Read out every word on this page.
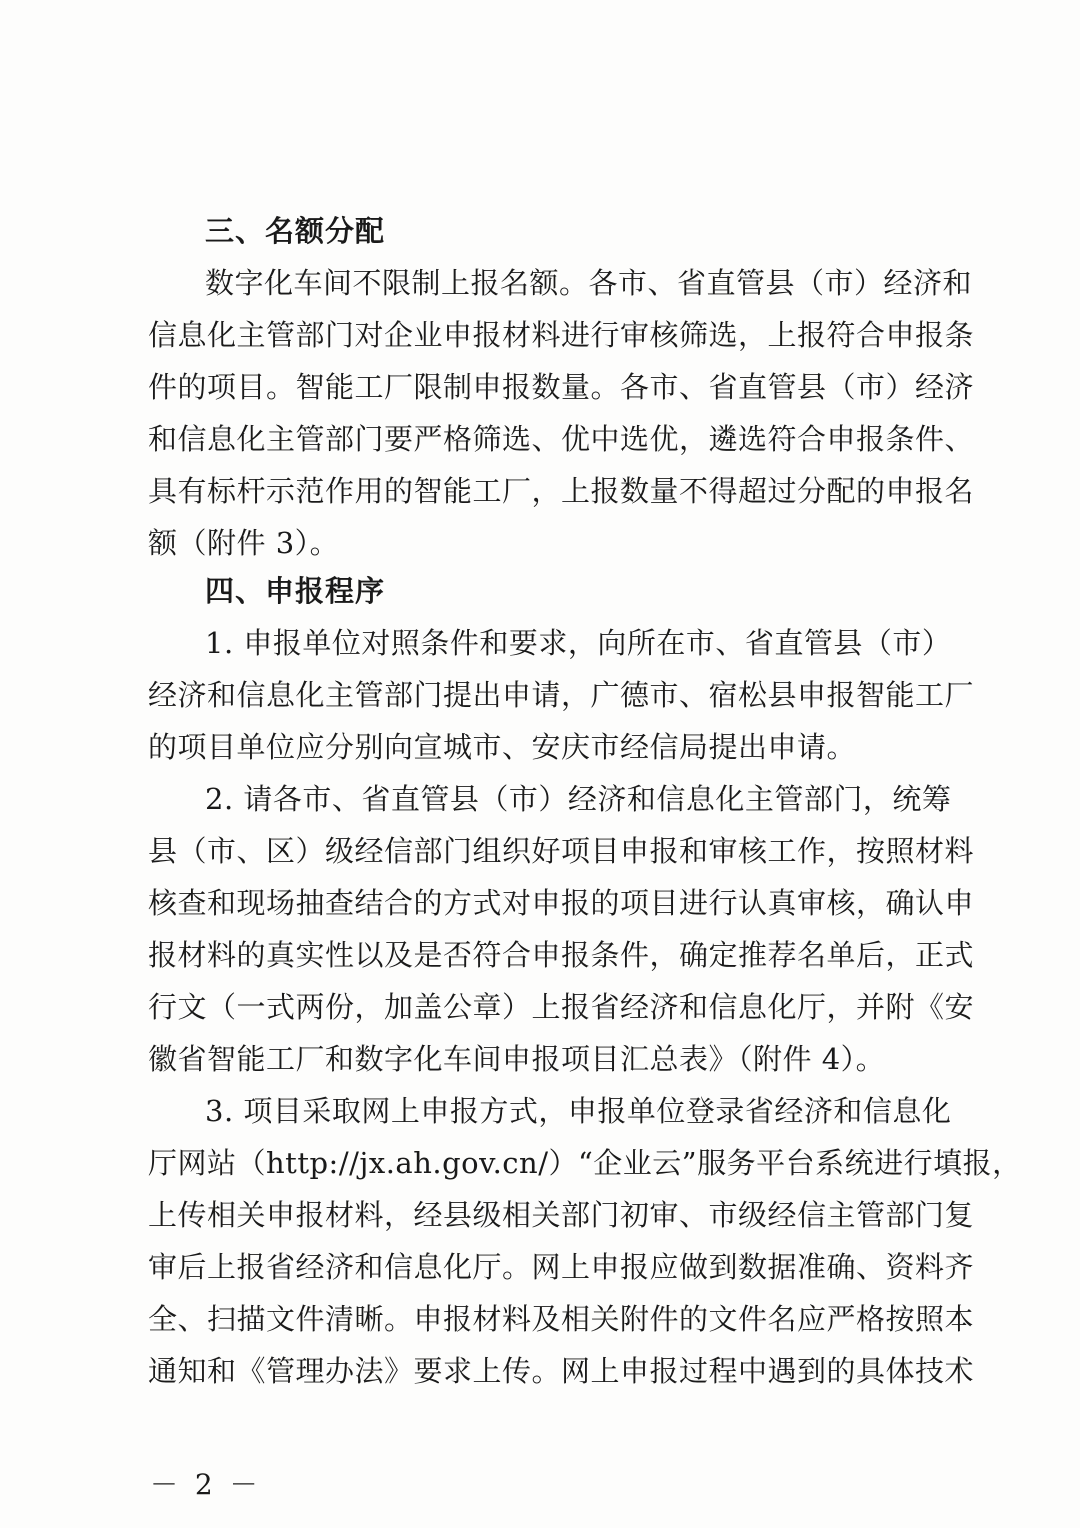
三、名额分配
数字化车间不限制上报名额。各市、省直管县（市）经济和
信息化主管部门对企业申报材料进行审核筛选，上报符合申报条
件的项目。智能工厂限制申报数量。各市、省直管县（市）经济
和信息化主管部门要严格筛选、优中选优，遴选符合申报条件、
具有标杆示范作用的智能工厂，上报数量不得超过分配的申报名
额（附件 3）。
四、申报程序
1. 申报单位对照条件和要求，向所在市、省直管县（市）
经济和信息化主管部门提出申请，广德市、宿松县申报智能工厂
的项目单位应分别向宣城市、安庆市经信局提出申请。
2. 请各市、省直管县（市）经济和信息化主管部门，统筹
县（市、区）级经信部门组织好项目申报和审核工作，按照材料
核查和现场抽查结合的方式对申报的项目进行认真审核，确认申
报材料的真实性以及是否符合申报条件，确定推荐名单后，正式
行文（一式两份，加盖公章）上报省经济和信息化厅，并附《安
徽省智能工厂和数字化车间申报项目汇总表》（附件 4）。
3. 项目采取网上申报方式，申报单位登录省经济和信息化
厅网站（http://jx.ah.gov.cn/）“企业云”服务平台系统进行填报，
上传相关申报材料，经县级相关部门初审、市级经信主管部门复
审后上报省经济和信息化厅。网上申报应做到数据准确、资料齐
全、扫描文件清晰。申报材料及相关附件的文件名应严格按照本
通知和《管理办法》要求上传。网上申报过程中遇到的具体技术
－ 2 －
